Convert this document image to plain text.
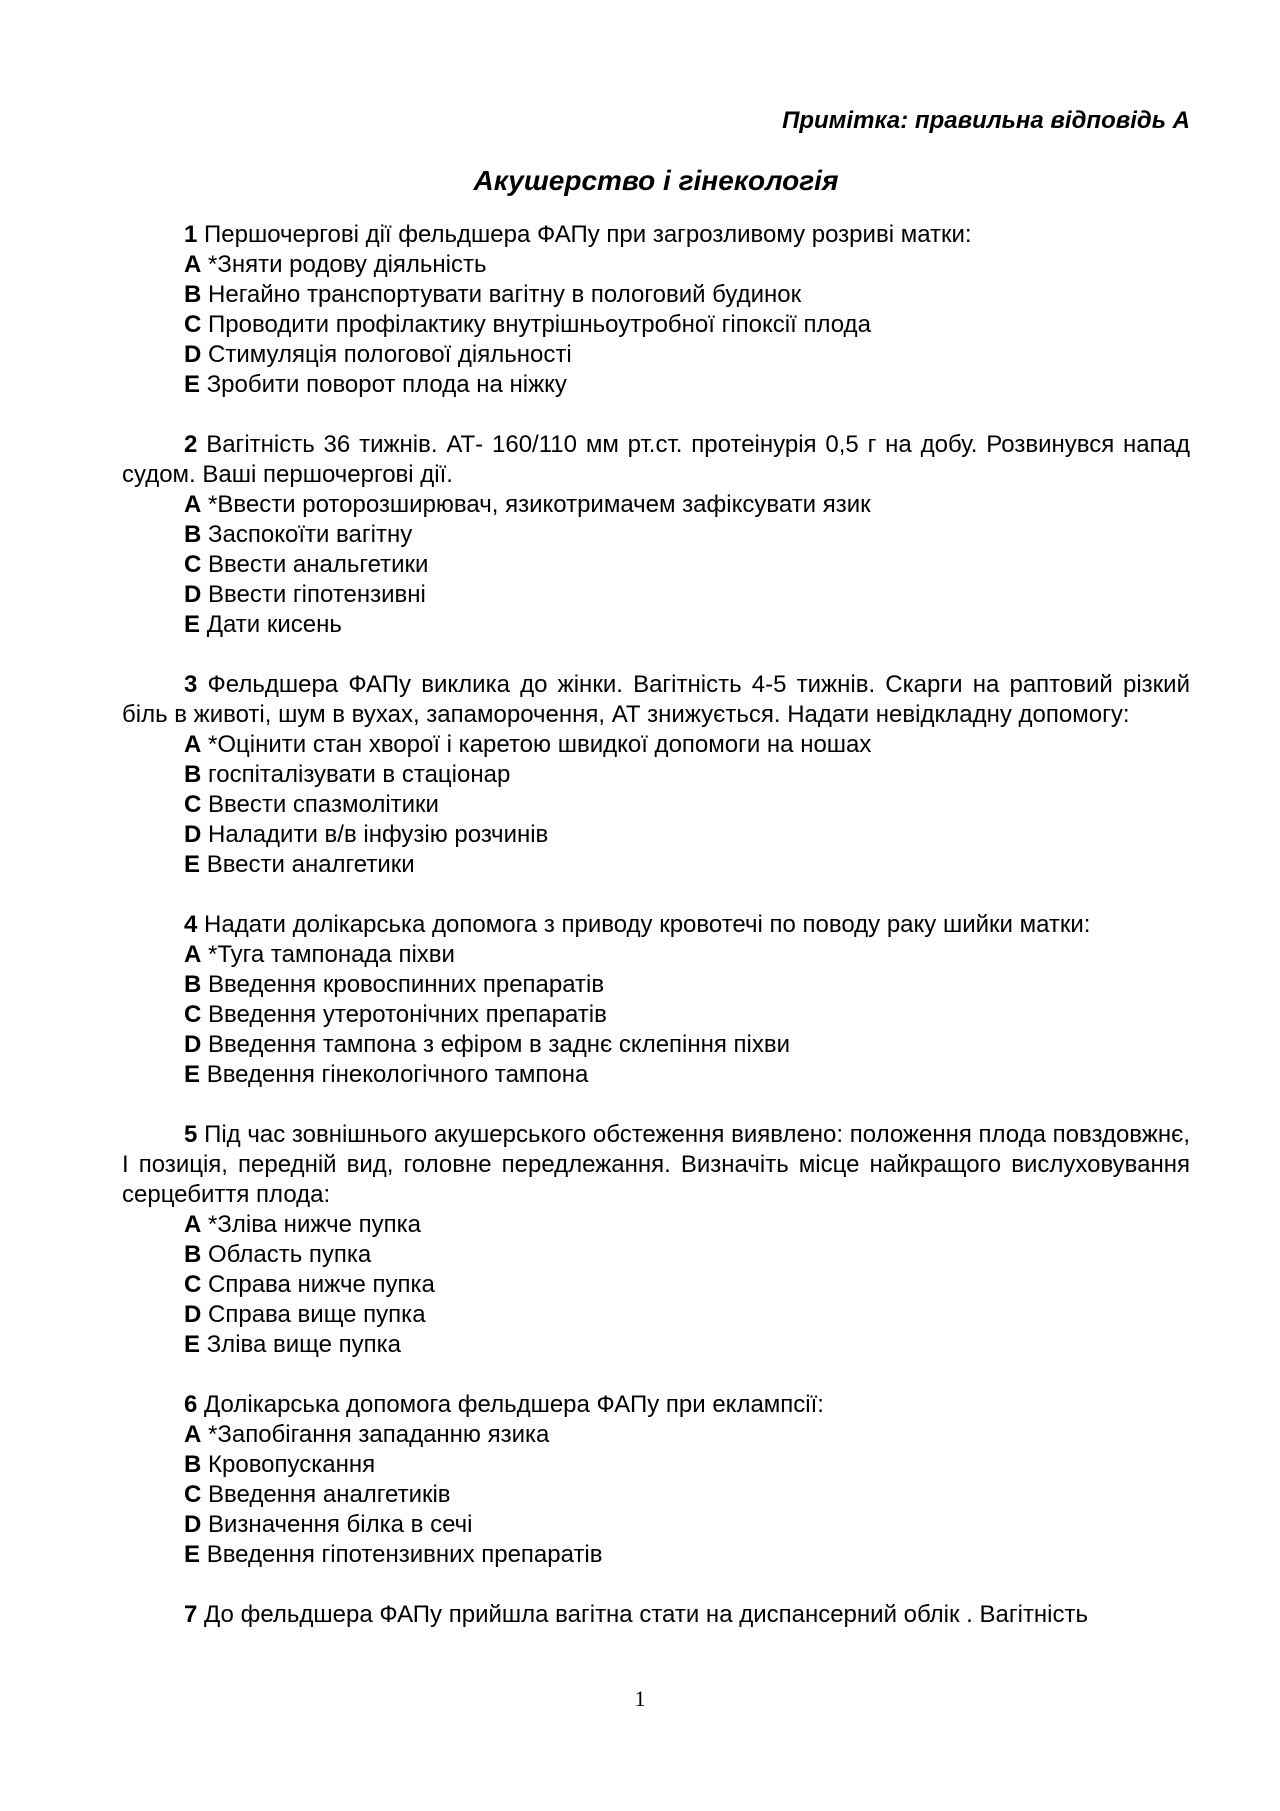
Примітка: правильна відповідь А

Акушерство і гінекологія

1 Першочергові дії фельдшера ФАПу при загрозливому розриві матки:

A *Зняти родову діяльність
B Негайно транспортувати вагітну в пологовий будинок
C Проводити профілактику внутрішньоутробної гіпоксії плода
D Стимуляція пологової діяльності
E Зробити поворот плода на ніжку

2 Вагітність 36 тижнів. АТ- 160/110 мм рт.ст. протеінурія 0,5 г на добу. Розвинувся напад судом. Ваші першочергові дії.

A *Ввести роторозширювач, язикотримачем зафіксувати язик
B Заспокоїти вагітну
C Ввести анальгетики
D Ввести гіпотензивні
E Дати кисень

3 Фельдшера ФАПу виклика до жінки. Вагітність 4-5 тижнів. Скарги на раптовий різкий біль в животі, шум в вухах, запаморочення, АТ знижується. Надати невідкладну допомогу:

A *Оцінити стан хворої і каретою швидкої допомоги на ношах
B госпіталізувати в стаціонар
C Ввести спазмолітики
D Наладити в/в інфузію розчинів
E Ввести аналгетики

4 Надати долікарська допомога з приводу кровотечі по поводу раку шийки матки:

A *Туга тампонада піхви
B Введення кровоспинних препаратів
C Введення утеротонічних препаратів
D Введення тампона з ефіром в заднє склепіння піхви
E Введення гінекологічного тампона

5 Під час зовнішнього акушерського обстеження виявлено: положення плода повздовжнє, I позиція, передній вид, головне передлежання. Визначіть місце найкращого вислуховування серцебиття плода:

A *Зліва нижче пупка
B Область пупка
C Справа нижче пупка
D Справа вище пупка
E Зліва вище пупка

6 Долікарська допомога фельдшера ФАПу при еклампсії:

A *Запобігання западанню язика
B Кровопускання
C Введення аналгетиків
D Визначення білка в сечі
E Введення гіпотензивних препаратів

7 До фельдшера ФАПу прийшла вагітна стати на диспансерний облік . Вагітність

1
